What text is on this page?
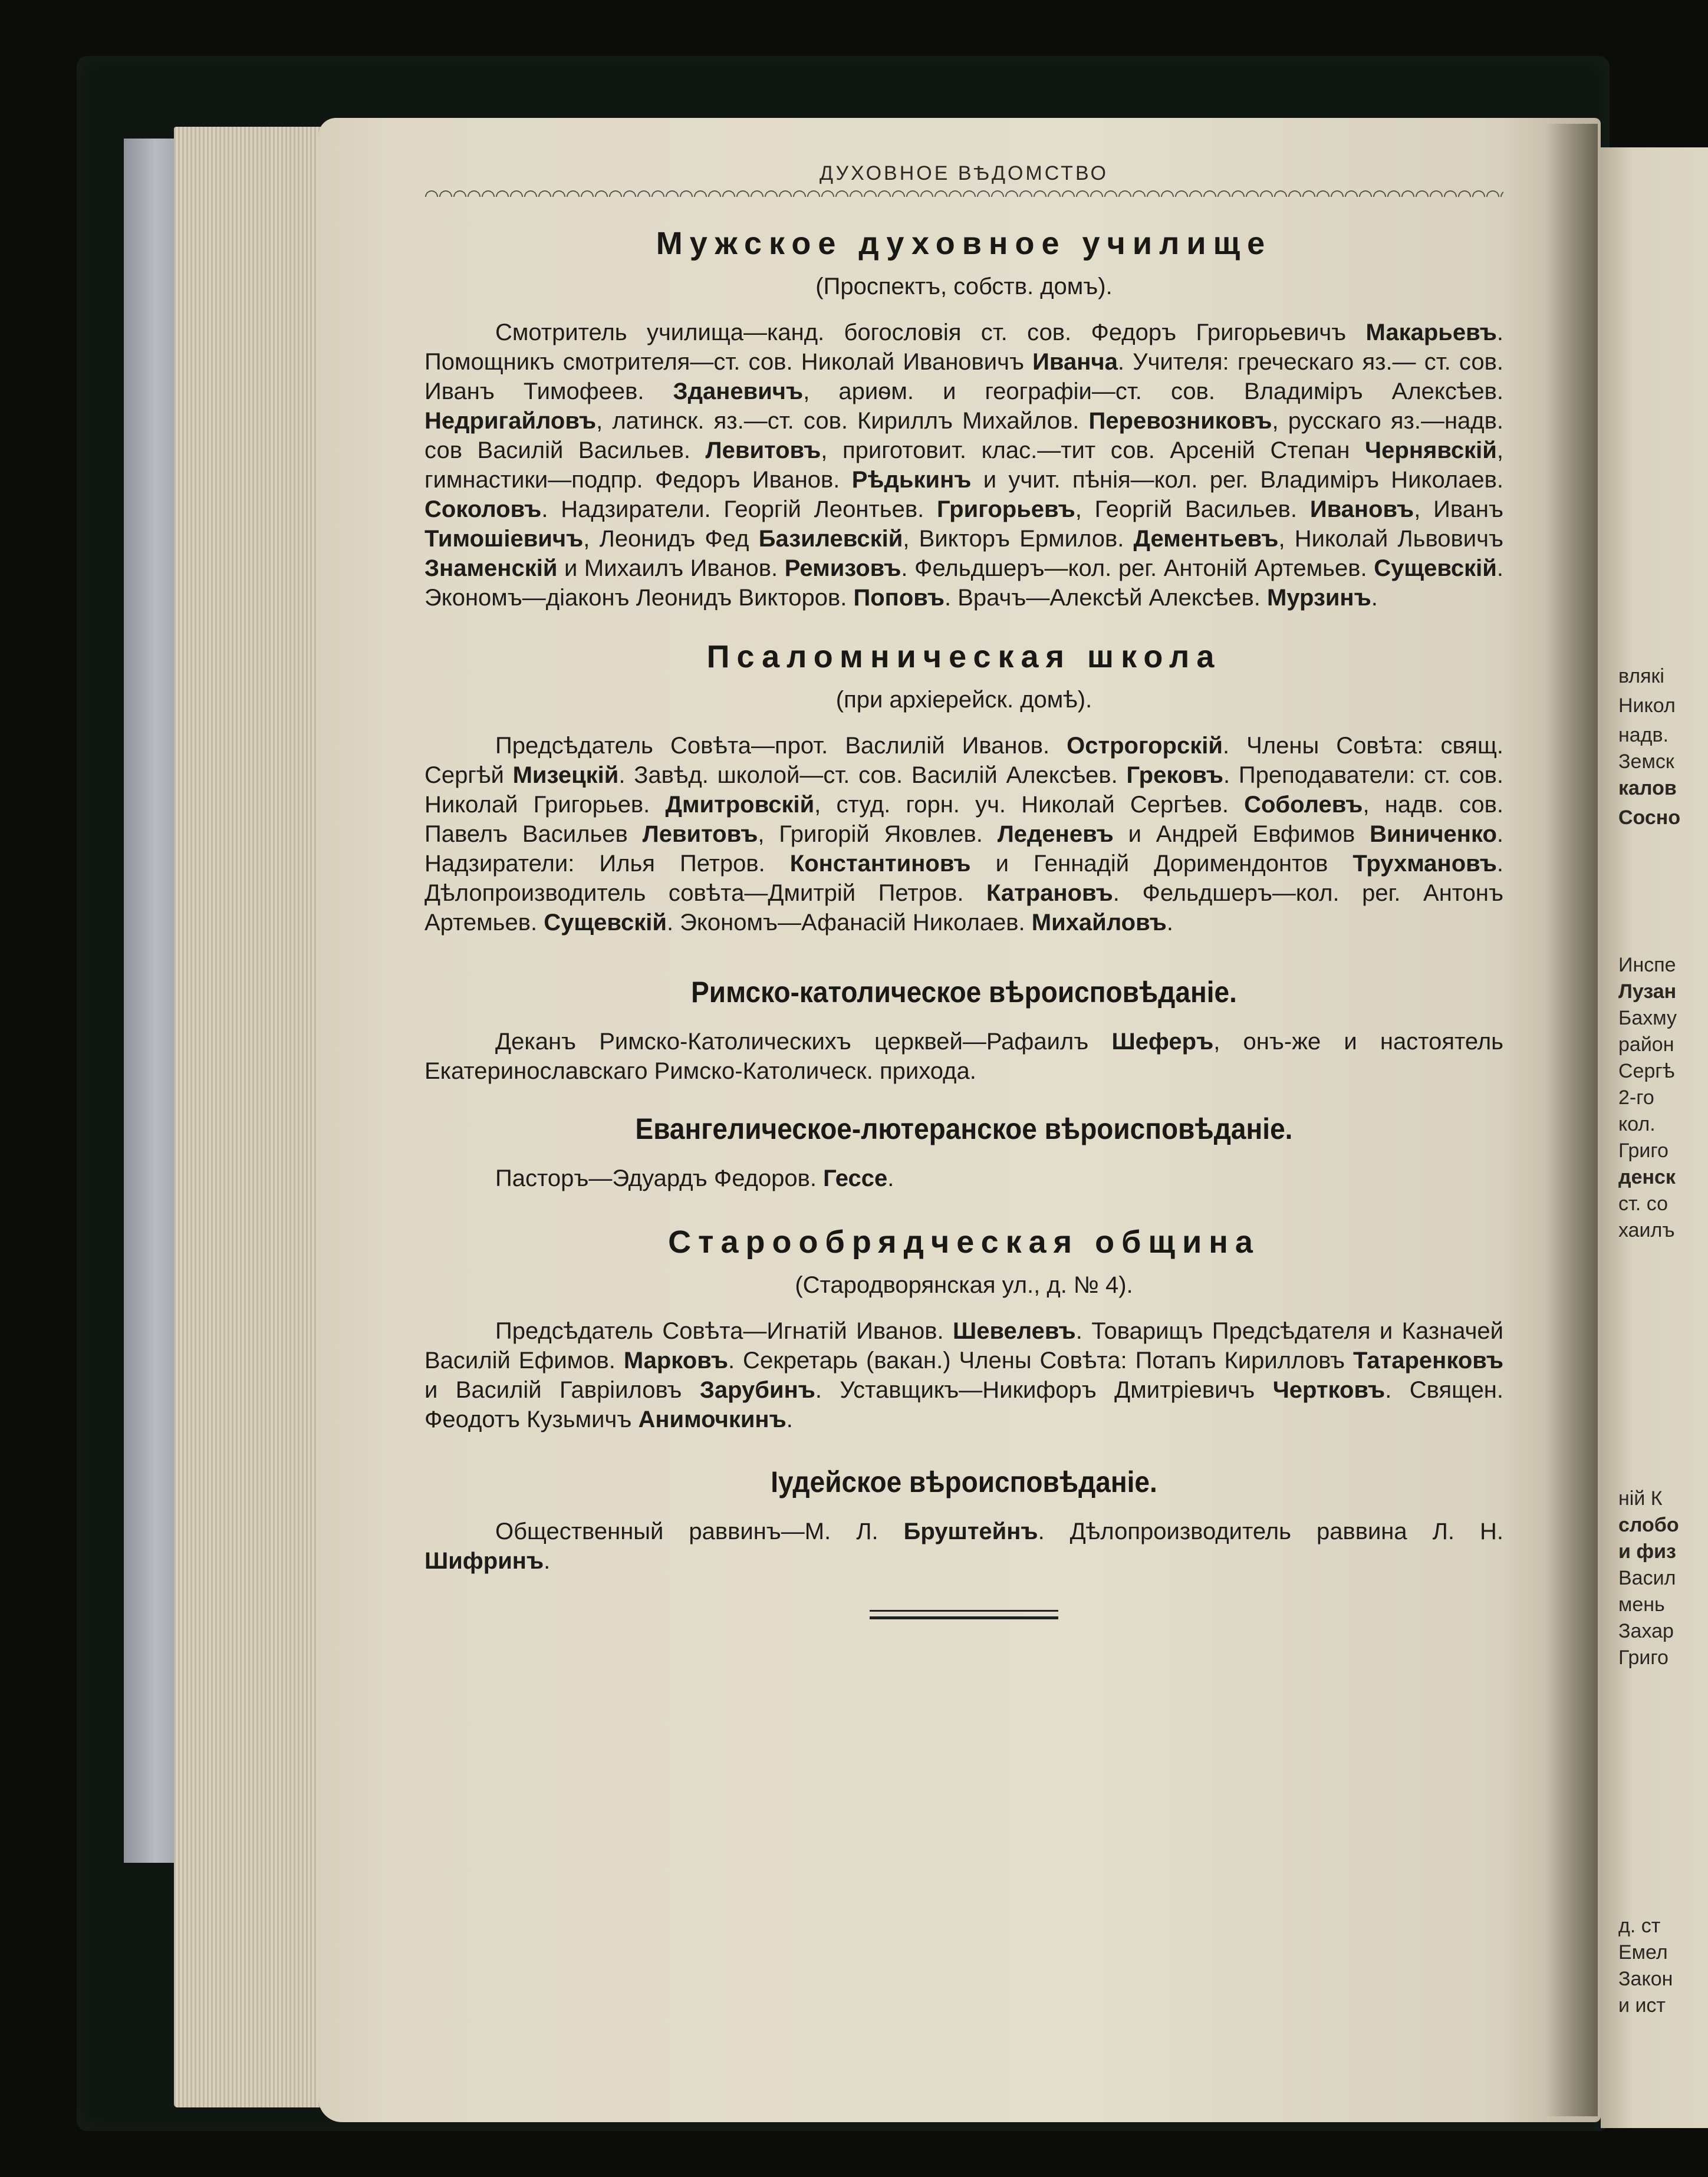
влякі
Никол
надв.
Земск
калов
Сосно
Инспе
Лузан
Бахму
район
Сергѣ
2-го
кол.
Григо
денск
ст. со
хаилъ
ній К
слобо
и физ
Васил
мень
Захар
Григо
д. ст
Емел
Закон
и ист
ДУХОВНОЕ ВѢДОМСТВО
Мужское духовное училище
(Проспектъ, собств. домъ).

Смотритель училища—канд. богословія ст. сов. Федоръ Григорьевичъ Макарьевъ. Помощникъ смотрителя—ст. сов. Николай Ивановичъ Иванча. Учителя: греческаго яз.— ст. сов. Иванъ Тимофеев. Зданевичъ, ариѳм. и географіи—ст. сов. Владиміръ Алексѣев. Недригайловъ, латинск. яз.—ст. сов. Кириллъ Михайлов. Перевозниковъ, русскаго яз.—надв. сов Василій Васильев. Левитовъ, приготовит. клас.—тит сов. Арсеній Степан Чернявскій, гимнастики—подпр. Федоръ Иванов. Рѣдькинъ и учит. пѣнія—кол. рег. Владиміръ Николаев. Соколовъ. Надзиратели. Георгій Леонтьев. Григорьевъ, Георгій Васильев. Ивановъ, Иванъ Тимошіевичъ, Леонидъ Фед Базилевскій, Викторъ Ермилов. Дементьевъ, Николай Львовичъ Знаменскій и Михаилъ Иванов. Ремизовъ. Фельдшеръ—кол. рег. Антоній Артемьев. Сущевскій. Экономъ—діаконъ Леонидъ Викторов. Поповъ. Врачъ—Алексѣй Алексѣев. Мурзинъ.

Псаломническая школа
(при архіерейск. домѣ).

Предсѣдатель Совѣта—прот. Васлилій Иванов. Острогорскій. Члены Совѣта: свящ. Сергѣй Мизецкій. Завѣд. школой—ст. сов. Василій Алексѣев. Грековъ. Преподаватели: ст. сов. Николай Григорьев. Дмитровскій, студ. горн. уч. Николай Сергѣев. Соболевъ, надв. сов. Павелъ Васильев Левитовъ, Григорій Яковлев. Леденевъ и Андрей Евфимов Виниченко. Надзиратели: Илья Петров. Константиновъ и Геннадій Доримендонтов Трухмановъ. Дѣлопроизводитель совѣта—Дмитрій Петров. Катрановъ. Фельдшеръ—кол. рег. Антонъ Артемьев. Сущевскій. Экономъ—Афанасій Николаев. Михайловъ.

Римско-католическое вѣроисповѣданіе.

Деканъ Римско-Католическихъ церквей—Рафаилъ Шеферъ, онъ-же и настоятель Екатеринославскаго Римско-Католическ. прихода.

Евангелическое-лютеранское вѣроисповѣданіе.

Пасторъ—Эдуардъ Федоров. Гессе.

Старообрядческая община
(Стародворянская ул., д. № 4).

Предсѣдатель Совѣта—Игнатій Иванов. Шевелевъ. Товарищъ Предсѣдателя и Казначей Василій Ефимов. Марковъ. Секретарь (вакан.) Члены Совѣта: Потапъ Кирилловъ Татаренковъ и Василій Гавріиловъ Зарубинъ. Уставщикъ—Никифоръ Дмитріевичъ Чертковъ. Священ. Феодотъ Кузьмичъ Анимочкинъ.

Іудейское вѣроисповѣданіе.

Общественный раввинъ—М. Л. Бруштейнъ. Дѣлопроизводитель раввина Л. Н. Шифринъ.
